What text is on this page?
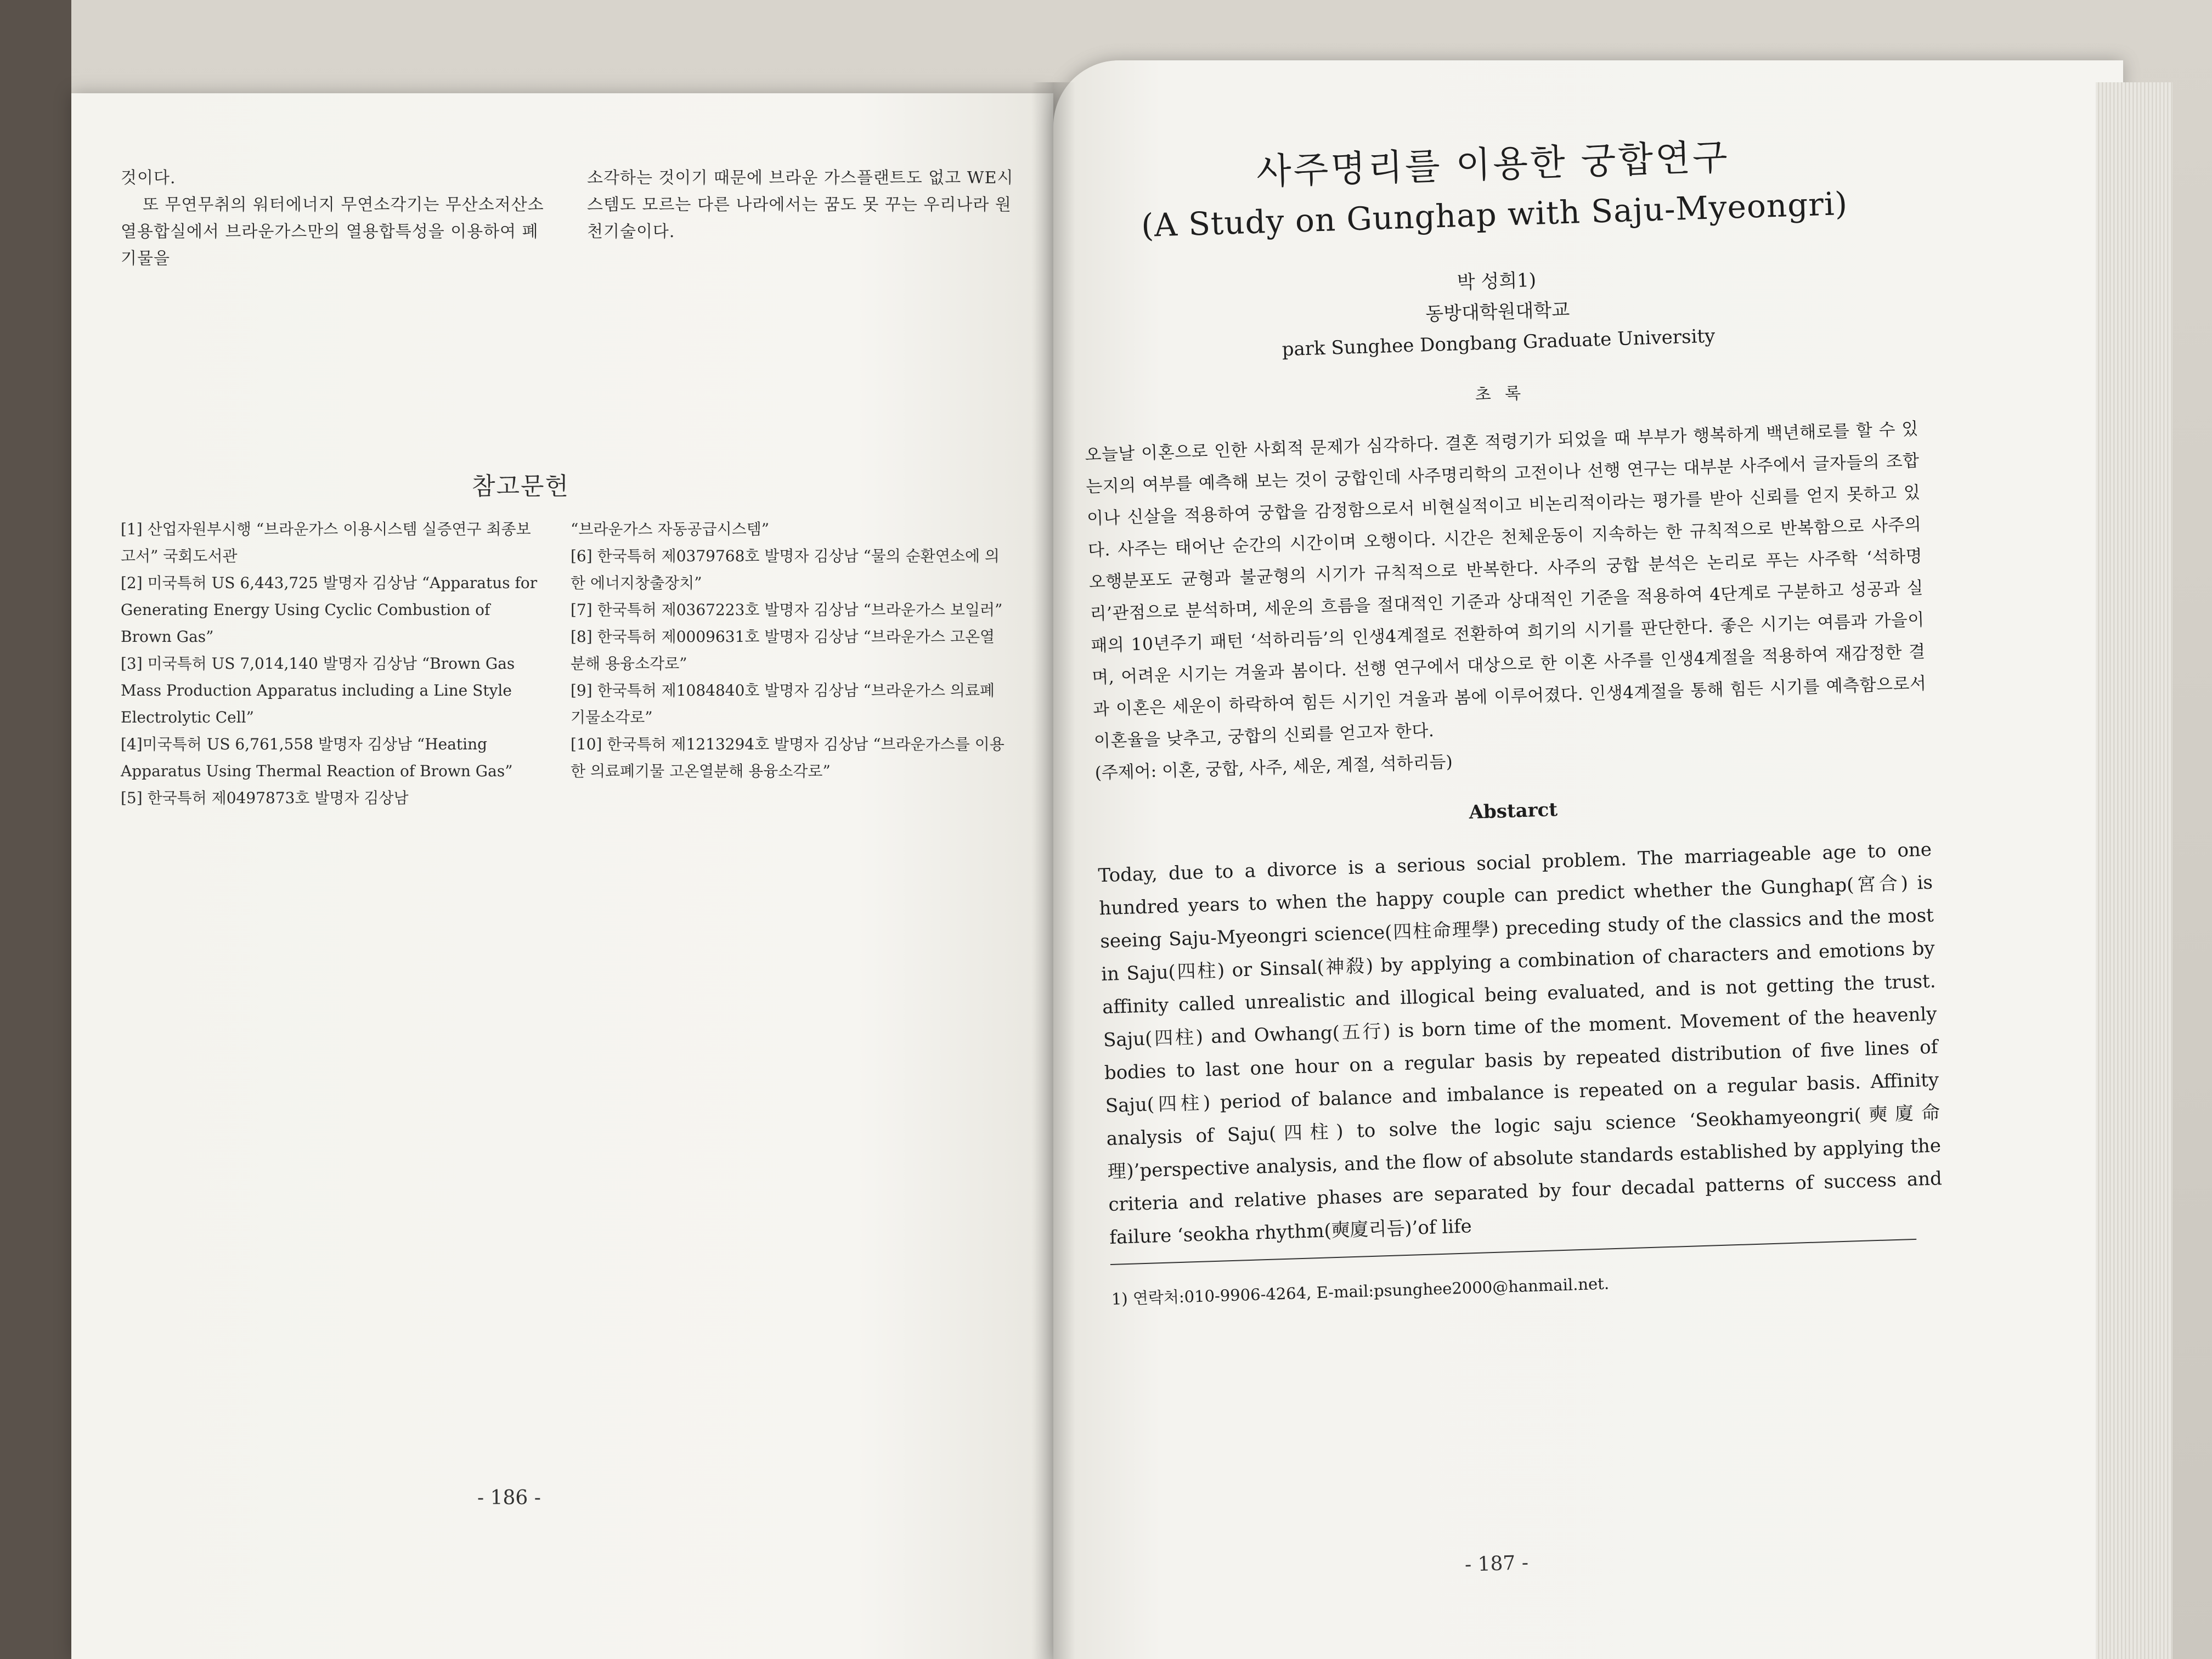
것이다.

또 무연무취의 워터에너지 무연소각기는 무산소저산소 열용합실에서 브라운가스만의 열용합특성을 이용하여 폐기물을

소각하는 것이기 때문에 브라운 가스플랜트도 없고 WE시스템도 모르는 다른 나라에서는 꿈도 못 꾸는 우리나라 원천기술이다.

참고문헌

[1] 산업자원부시행 “브라운가스 이용시스템 실증연구 최종보고서” 국회도서관

[2] 미국특허 US 6,443,725 발명자 김상남 “Apparatus for Generating Energy Using Cyclic Combustion of Brown Gas”

[3] 미국특허 US 7,014,140 발명자 김상남 “Brown Gas Mass Production Apparatus including a Line Style Electrolytic Cell”

[4]미국특허 US 6,761,558 발명자 김상남 “Heating Apparatus Using Thermal Reaction of Brown Gas”

[5] 한국특허 제0497873호 발명자 김상남

“브라운가스 자동공급시스템”

[6] 한국특허 제0379768호 발명자 김상남 “물의 순환연소에 의한 에너지창출장치”

[7] 한국특허 제0367223호 발명자 김상남 “브라운가스 보일러”

[8] 한국특허 제0009631호 발명자 김상남 “브라운가스 고온열분해 용융소각로”

[9] 한국특허 제1084840호 발명자 김상남 “브라운가스 의료폐기물소각로”

[10] 한국특허 제1213294호 발명자 김상남 “브라운가스를 이용한 의료폐기물 고온열분해 용융소각로”

- 186 -

사주명리를 이용한 궁합연구

(A Study on Gunghap with Saju-Myeongri)

박 성희1)
동방대학원대학교
park Sunghee Dongbang Graduate University
초 록

오늘날 이혼으로 인한 사회적 문제가 심각하다. 결혼 적령기가 되었을 때 부부가 행복하게 백년해로를 할 수 있는지의 여부를 예측해 보는 것이 궁합인데 사주명리학의 고전이나 선행 연구는 대부분 사주에서 글자들의 조합이나 신살을 적용하여 궁합을 감정함으로서 비현실적이고 비논리적이라는 평가를 받아 신뢰를 얻지 못하고 있다. 사주는 태어난 순간의 시간이며 오행이다. 시간은 천체운동이 지속하는 한 규칙적으로 반복함으로 사주의 오행분포도 균형과 불균형의 시기가 규칙적으로 반복한다. 사주의 궁합 분석은 논리로 푸는 사주학 ‘석하명리’관점으로 분석하며, 세운의 흐름을 절대적인 기준과 상대적인 기준을 적용하여 4단계로 구분하고 성공과 실패의 10년주기 패턴 ‘석하리듬’의 인생4계절로 전환하여 희기의 시기를 판단한다. 좋은 시기는 여름과 가을이며, 어려운 시기는 겨울과 봄이다. 선행 연구에서 대상으로 한 이혼 사주를 인생4계절을 적용하여 재감정한 결과 이혼은 세운이 하락하여 힘든 시기인 겨울과 봄에 이루어졌다. 인생4계절을 통해 힘든 시기를 예측함으로서 이혼율을 낮추고, 궁합의 신뢰를 얻고자 한다.

(주제어: 이혼, 궁합, 사주, 세운, 계절, 석하리듬)
Abstarct
Today, due to a divorce is a serious social problem. The marriageable age to one hundred years to when the happy couple can predict whether the Gunghap(宮合) is seeing Saju-Myeongri science(四柱命理學) preceding study of the classics and the most in Saju(四柱) or Sinsal(神殺) by applying a combination of characters and emotions by affinity called unrealistic and illogical being evaluated, and is not getting the trust. Saju(四柱) and Owhang(五行) is born time of the moment. Movement of the heavenly bodies to last one hour on a regular basis by repeated distribution of five lines of Saju(四柱) period of balance and imbalance is repeated on a regular basis. Affinity analysis of Saju(四柱) to solve the logic saju science ‘Seokhamyeongri(奭廈命理)’perspective analysis, and the flow of absolute standards established by applying the criteria and relative phases are separated by four decadal patterns of success and failure ‘seokha rhythm(奭廈리듬)’of life
1) 연락처:010-9906-4264, E-mail:psunghee2000@hanmail.net.
- 187 -
